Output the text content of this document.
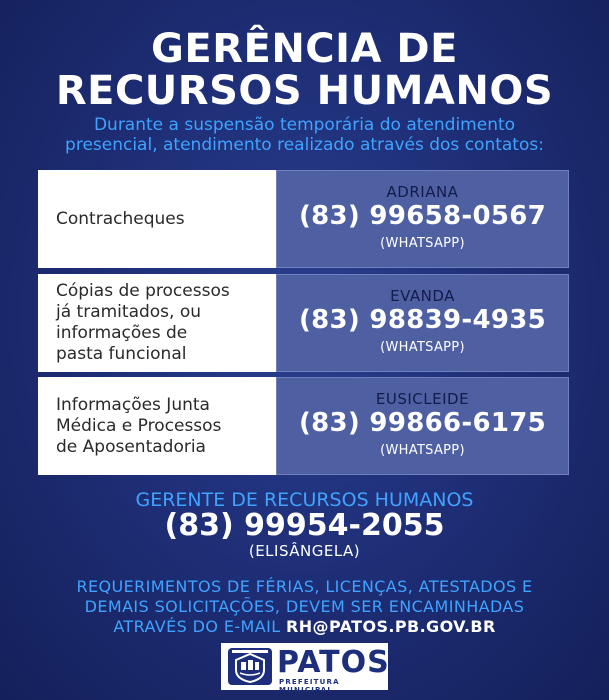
GERÊNCIA DE
RECURSOS HUMANOS
Durante a suspensão temporária do atendimento
presencial, atendimento realizado através dos contatos:
Contracheques
ADRIANA
(83) 99658-0567
(WHATSAPP)
Cópias de processos
já tramitados, ou
informações de
pasta funcional
EVANDA
(83) 98839-4935
(WHATSAPP)
Informações Junta
Médica e Processos
de Aposentadoria
EUSICLEIDE
(83) 99866-6175
(WHATSAPP)
GERENTE DE RECURSOS HUMANOS
(83) 99954-2055
(ELISÂNGELA)
REQUERIMENTOS DE FÉRIAS, LICENÇAS, ATESTADOS E
DEMAIS SOLICITAÇÕES, DEVEM SER ENCAMINHADAS
ATRAVÉS DO E-MAIL RH@PATOS.PB.GOV.BR
PATOS
PREFEITURA MUNICIPAL
